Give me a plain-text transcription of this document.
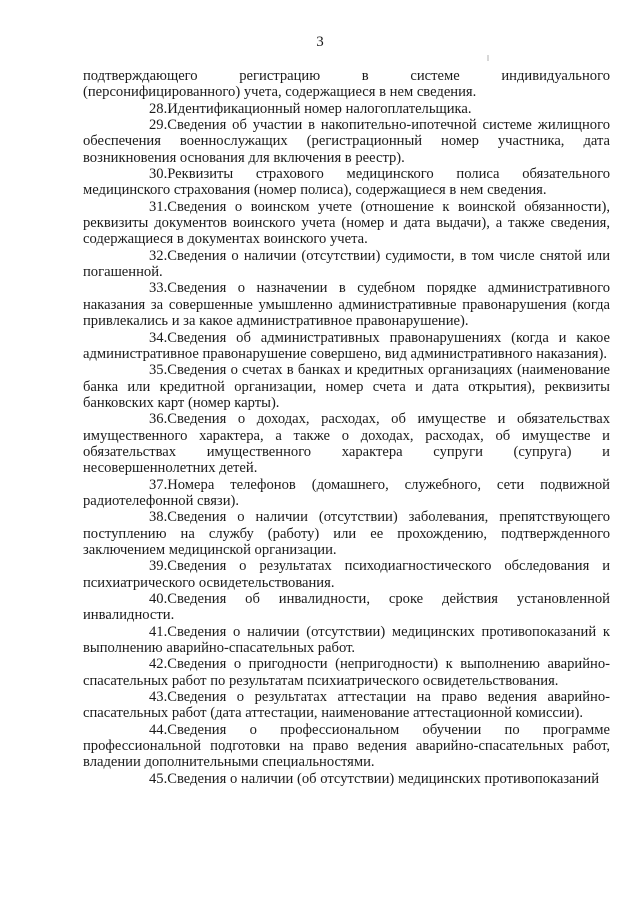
3

подтверждающего регистрацию в системе индивидуального (персонифицированного) учета, содержащиеся в нем сведения.

28.Идентификационный номер налогоплательщика.

29.Сведения об участии в накопительно-ипотечной системе жилищного обеспечения военнослужащих (регистрационный номер участника, дата возникновения основания для включения в реестр).

30.Реквизиты страхового медицинского полиса обязательного медицинского страхования (номер полиса), содержащиеся в нем сведения.

31.Сведения о воинском учете (отношение к воинской обязанности), реквизиты документов воинского учета (номер и дата выдачи), а также сведения, содержащиеся в документах воинского учета.

32.Сведения о наличии (отсутствии) судимости, в том числе снятой или погашенной.

33.Сведения о назначении в судебном порядке административного наказания за совершенные умышленно административные правонарушения (когда привлекались и за какое административное правонарушение).

34.Сведения об административных правонарушениях (когда и какое административное правонарушение совершено, вид административного наказания).

35.Сведения о счетах в банках и кредитных организациях (наименование банка или кредитной организации, номер счета и дата открытия), реквизиты банковских карт (номер карты).

36.Сведения о доходах, расходах, об имуществе и обязательствах имущественного характера, а также о доходах, расходах, об имуществе и обязательствах имущественного характера супруги (супруга) и несовершеннолетних детей.

37.Номера телефонов (домашнего, служебного, сети подвижной радиотелефонной связи).

38.Сведения о наличии (отсутствии) заболевания, препятствующего поступлению на службу (работу) или ее прохождению, подтвержденного заключением медицинской организации.

39.Сведения о результатах психодиагностического обследования и психиатрического освидетельствования.

40.Сведения об инвалидности, сроке действия установленной инвалидности.

41.Сведения о наличии (отсутствии) медицинских противопоказаний к выполнению аварийно-спасательных работ.

42.Сведения о пригодности (непригодности) к выполнению аварийно-спасательных работ по результатам психиатрического освидетельствования.

43.Сведения о результатах аттестации на право ведения аварийно-спасательных работ (дата аттестации, наименование аттестационной комиссии).

44.Сведения о профессиональном обучении по программе профессиональной подготовки на право ведения аварийно-спасательных работ, владении дополнительными специальностями.

45.Сведения о наличии (об отсутствии) медицинских противопоказаний
